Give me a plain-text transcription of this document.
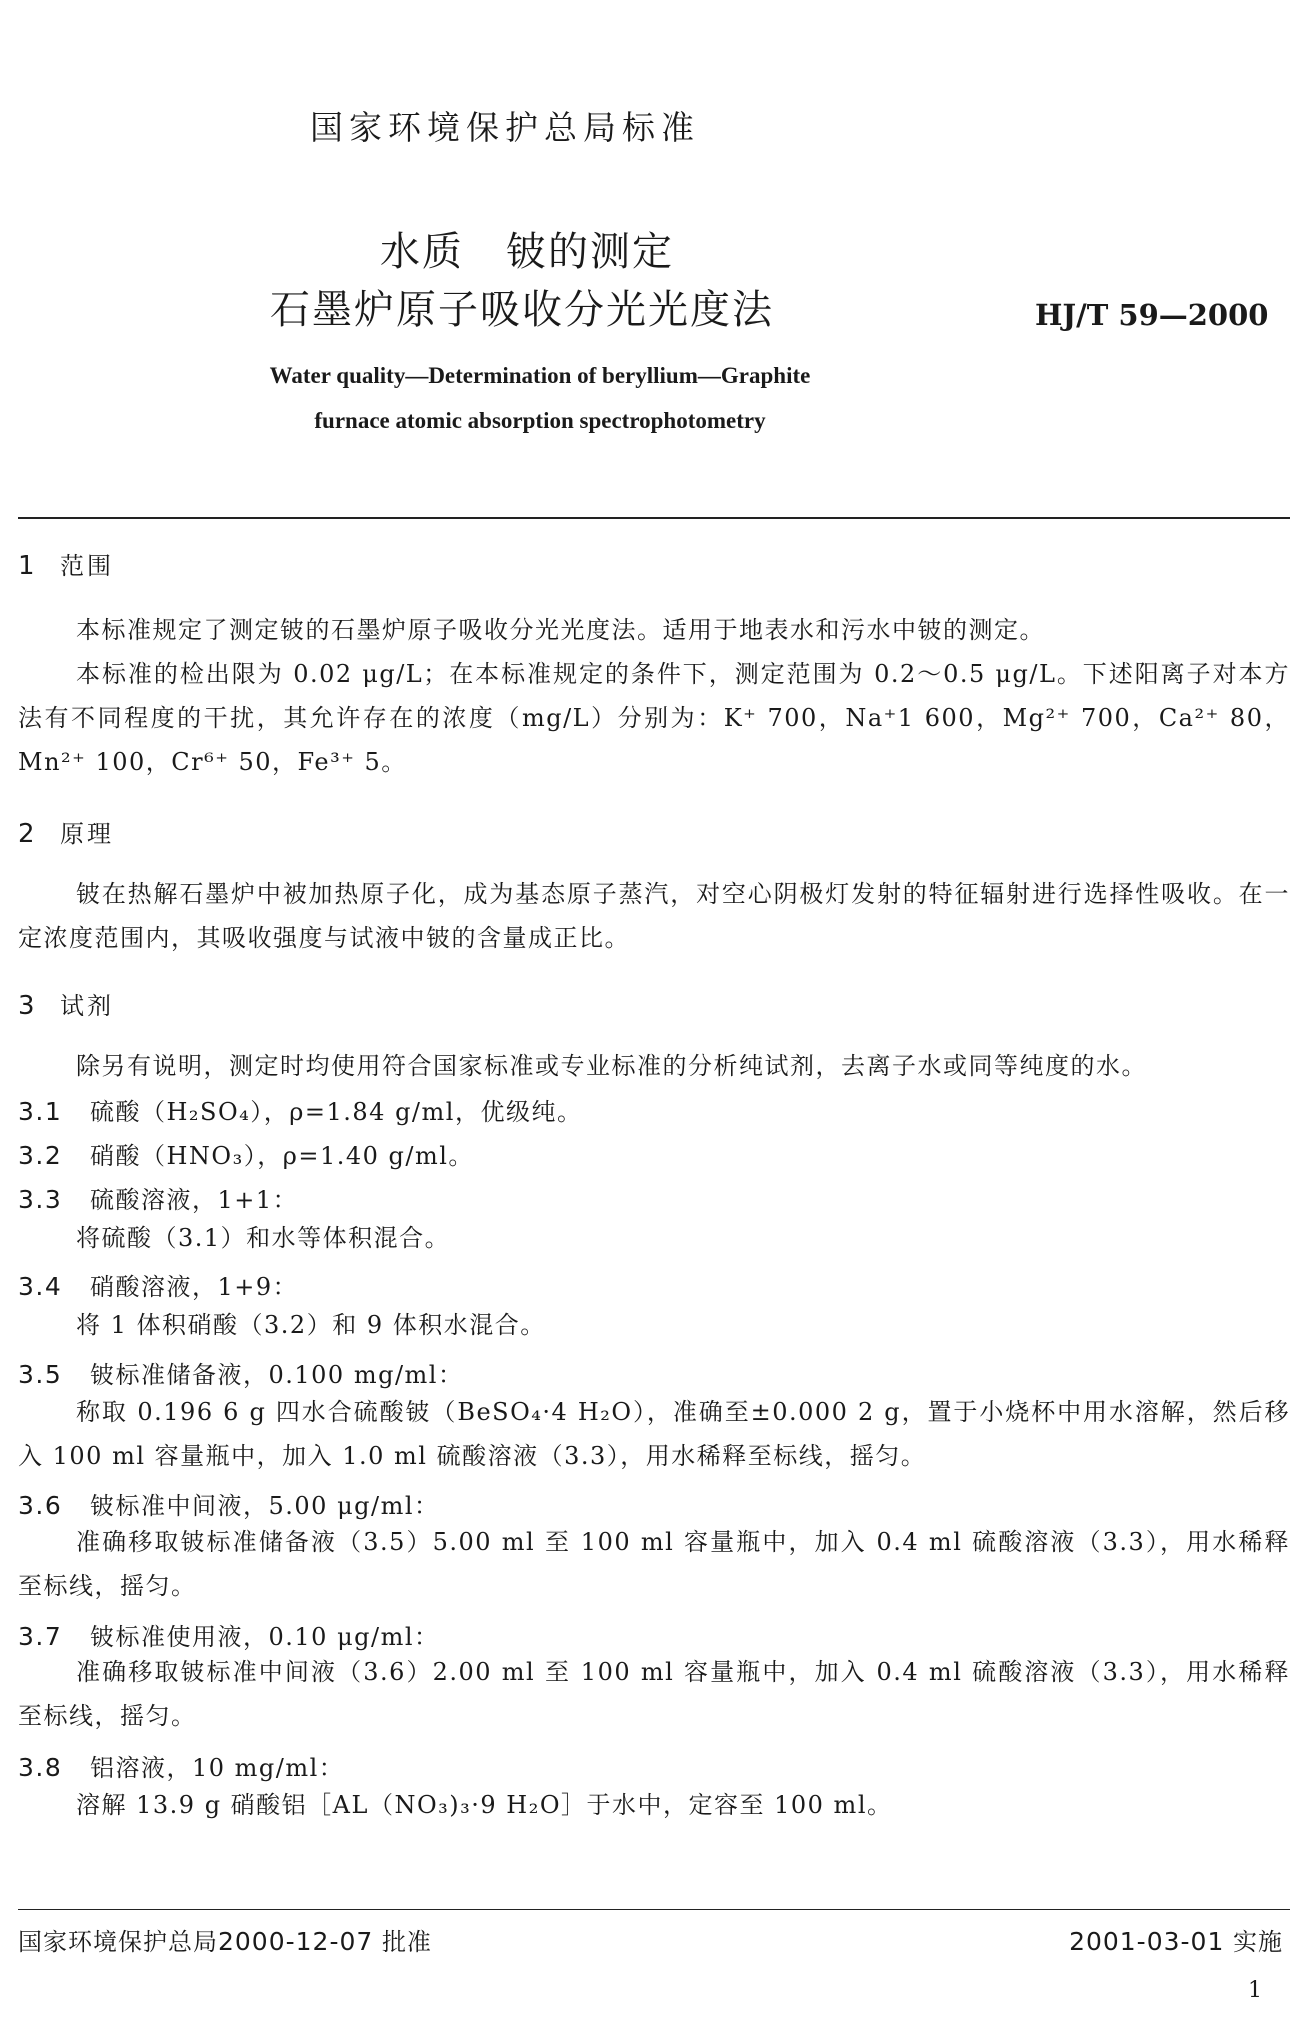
国家环境保护总局标准
水质　铍的测定
石墨炉原子吸收分光光度法	HJ/T 59—2000
Water quality—Determination of beryllium—Graphite
furnace atomic absorption spectrophotometry
1 范围
本标准规定了测定铍的石墨炉原子吸收分光光度法。适用于地表水和污水中铍的测定。
本标准的检出限为 0.02 μg/L；在本标准规定的条件下，测定范围为 0.2～0.5 μg/L。下述阳离子对本方法有不同程度的干扰，其允许存在的浓度（mg/L）分别为：K⁺ 700，Na⁺1 600，Mg²⁺ 700，Ca²⁺ 80，Mn²⁺ 100，Cr⁶⁺ 50，Fe³⁺ 5。
2 原理
铍在热解石墨炉中被加热原子化，成为基态原子蒸汽，对空心阴极灯发射的特征辐射进行选择性吸收。在一定浓度范围内，其吸收强度与试液中铍的含量成正比。
3 试剂
除另有说明，测定时均使用符合国家标准或专业标准的分析纯试剂，去离子水或同等纯度的水。
3.1 硫酸（H₂SO₄），ρ=1.84 g/ml，优级纯。
3.2 硝酸（HNO₃），ρ=1.40 g/ml。
3.3 硫酸溶液，1+1：
将硫酸（3.1）和水等体积混合。
3.4 硝酸溶液，1+9：
将 1 体积硝酸（3.2）和 9 体积水混合。
3.5 铍标准储备液，0.100 mg/ml：
称取 0.196 6 g 四水合硫酸铍（BeSO₄·4 H₂O），准确至±0.000 2 g，置于小烧杯中用水溶解，然后移入 100 ml 容量瓶中，加入 1.0 ml 硫酸溶液（3.3），用水稀释至标线，摇匀。
3.6 铍标准中间液，5.00 μg/ml：
准确移取铍标准储备液（3.5）5.00 ml 至 100 ml 容量瓶中，加入 0.4 ml 硫酸溶液（3.3），用水稀释至标线，摇匀。
3.7 铍标准使用液，0.10 μg/ml：
准确移取铍标准中间液（3.6）2.00 ml 至 100 ml 容量瓶中，加入 0.4 ml 硫酸溶液（3.3），用水稀释至标线，摇匀。
3.8 铝溶液，10 mg/ml：
溶解 13.9 g 硝酸铝［AL（NO₃)₃·9 H₂O］于水中，定容至 100 ml。
国家环境保护总局2000-12-07 批准	2001-03-01 实施
1
